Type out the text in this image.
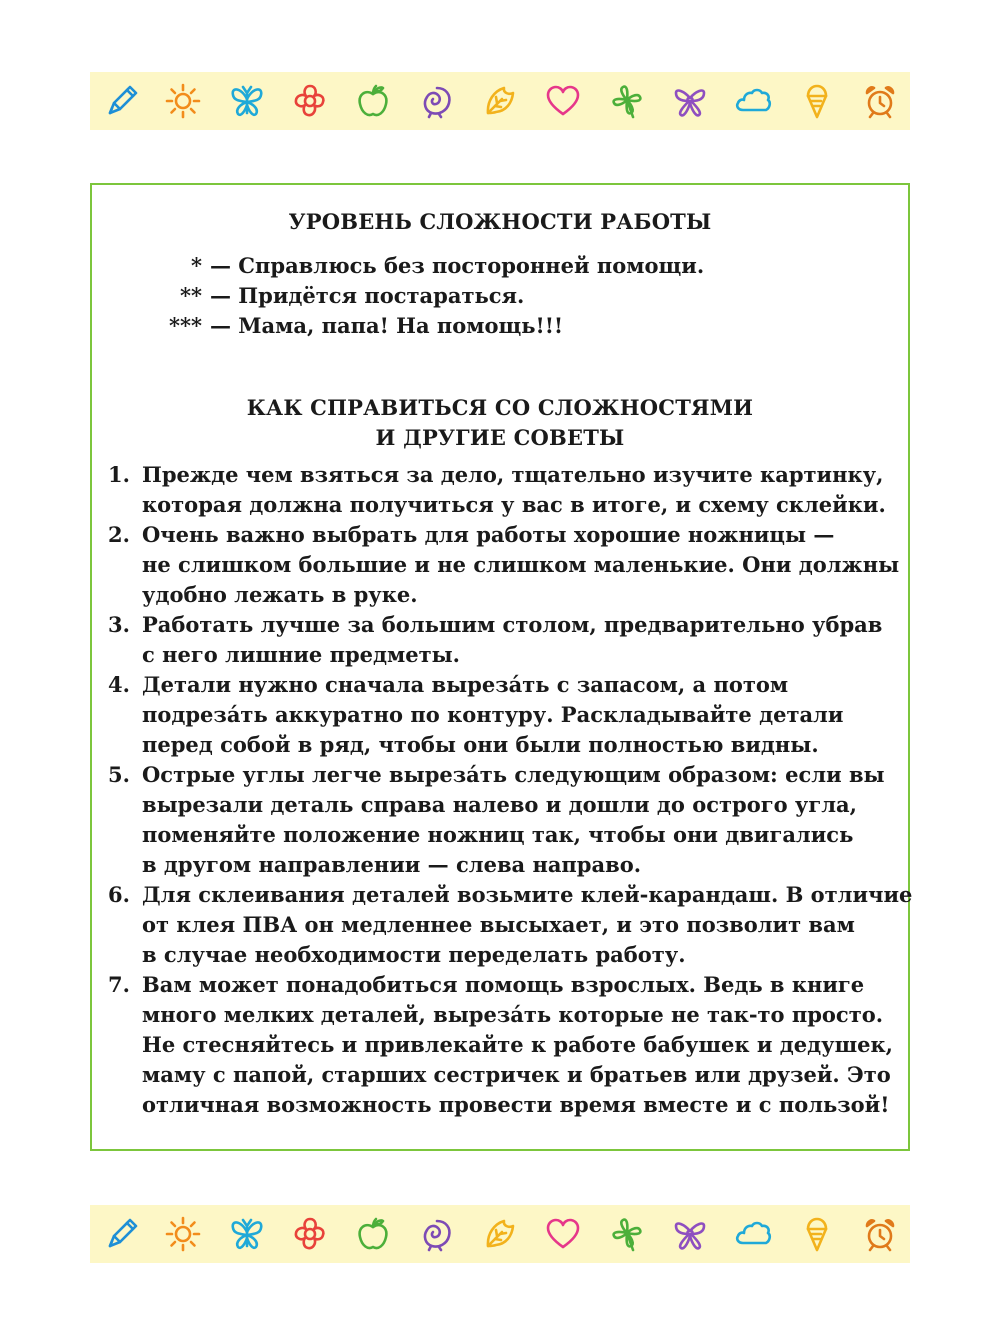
УРОВЕНЬ СЛОЖНОСТИ РАБОТЫ
* — Справлюсь без посторонней помощи.
** — Придётся постараться.
*** — Мама, папа! На помощь!!!
КАК СПРАВИТЬСЯ СО СЛОЖНОСТЯМИ
И ДРУГИЕ СОВЕТЫ
1. Прежде чем взяться за дело, тщательно изучите картинку,
которая должна получиться у вас в итоге, и схему склейки.
2. Очень важно выбрать для работы хорошие ножницы —
не слишком большие и не слишком маленькие. Они должны
удобно лежать в руке.
3. Работать лучше за большим столом, предварительно убрав
с него лишние предметы.
4. Детали нужно сначала вырезáть с запасом, а потом
подрезáть аккуратно по контуру. Раскладывайте детали
перед собой в ряд, чтобы они были полностью видны.
5. Острые углы легче вырезáть следующим образом: если вы
вырезали деталь справа налево и дошли до острого угла,
поменяйте положение ножниц так, чтобы они двигались
в другом направлении — слева направо.
6. Для склеивания деталей возьмите клей-карандаш. В отличие
от клея ПВА он медленнее высыхает, и это позволит вам
в случае необходимости переделать работу.
7. Вам может понадобиться помощь взрослых. Ведь в книге
много мелких деталей, вырезáть которые не так-то просто.
Не стесняйтесь и привлекайте к работе бабушек и дедушек,
маму с папой, старших сестричек и братьев или друзей. Это
отличная возможность провести время вместе и с пользой!
